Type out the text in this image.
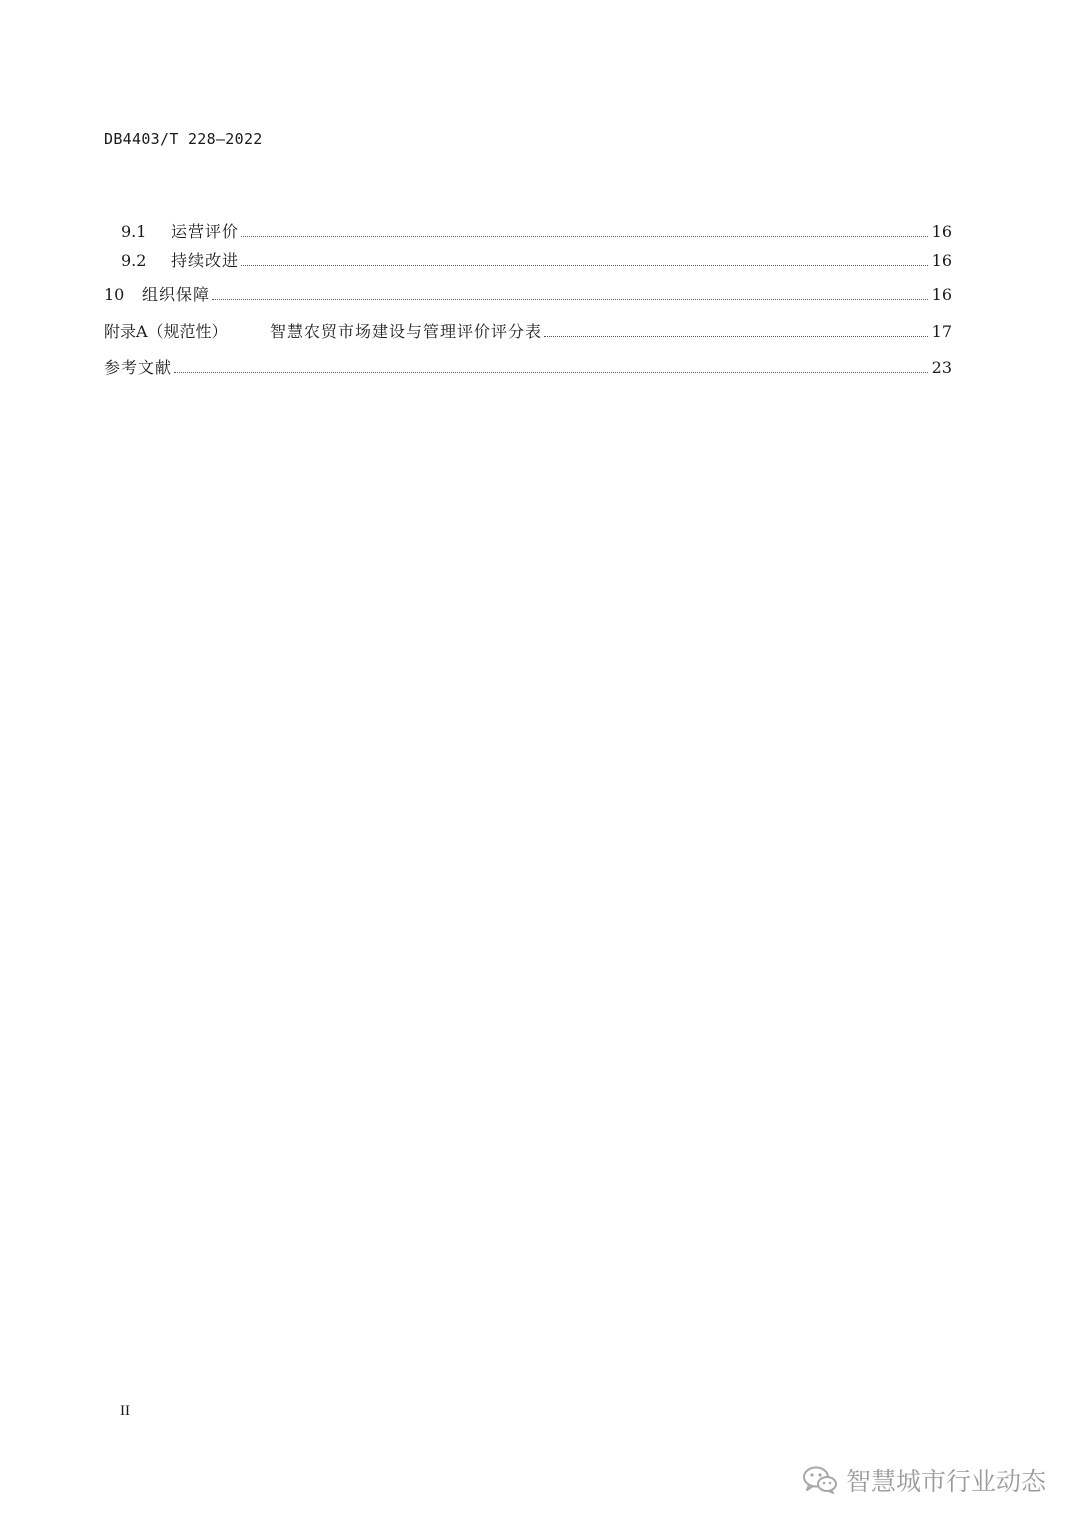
DB4403/T 228—2022
9.1	运营评价	16
9.2	持续改进	16
10	组织保障	16
附录A（规范性）	智慧农贸市场建设与管理评价评分表	17
参考文献	23
II
智慧城市行业动态
